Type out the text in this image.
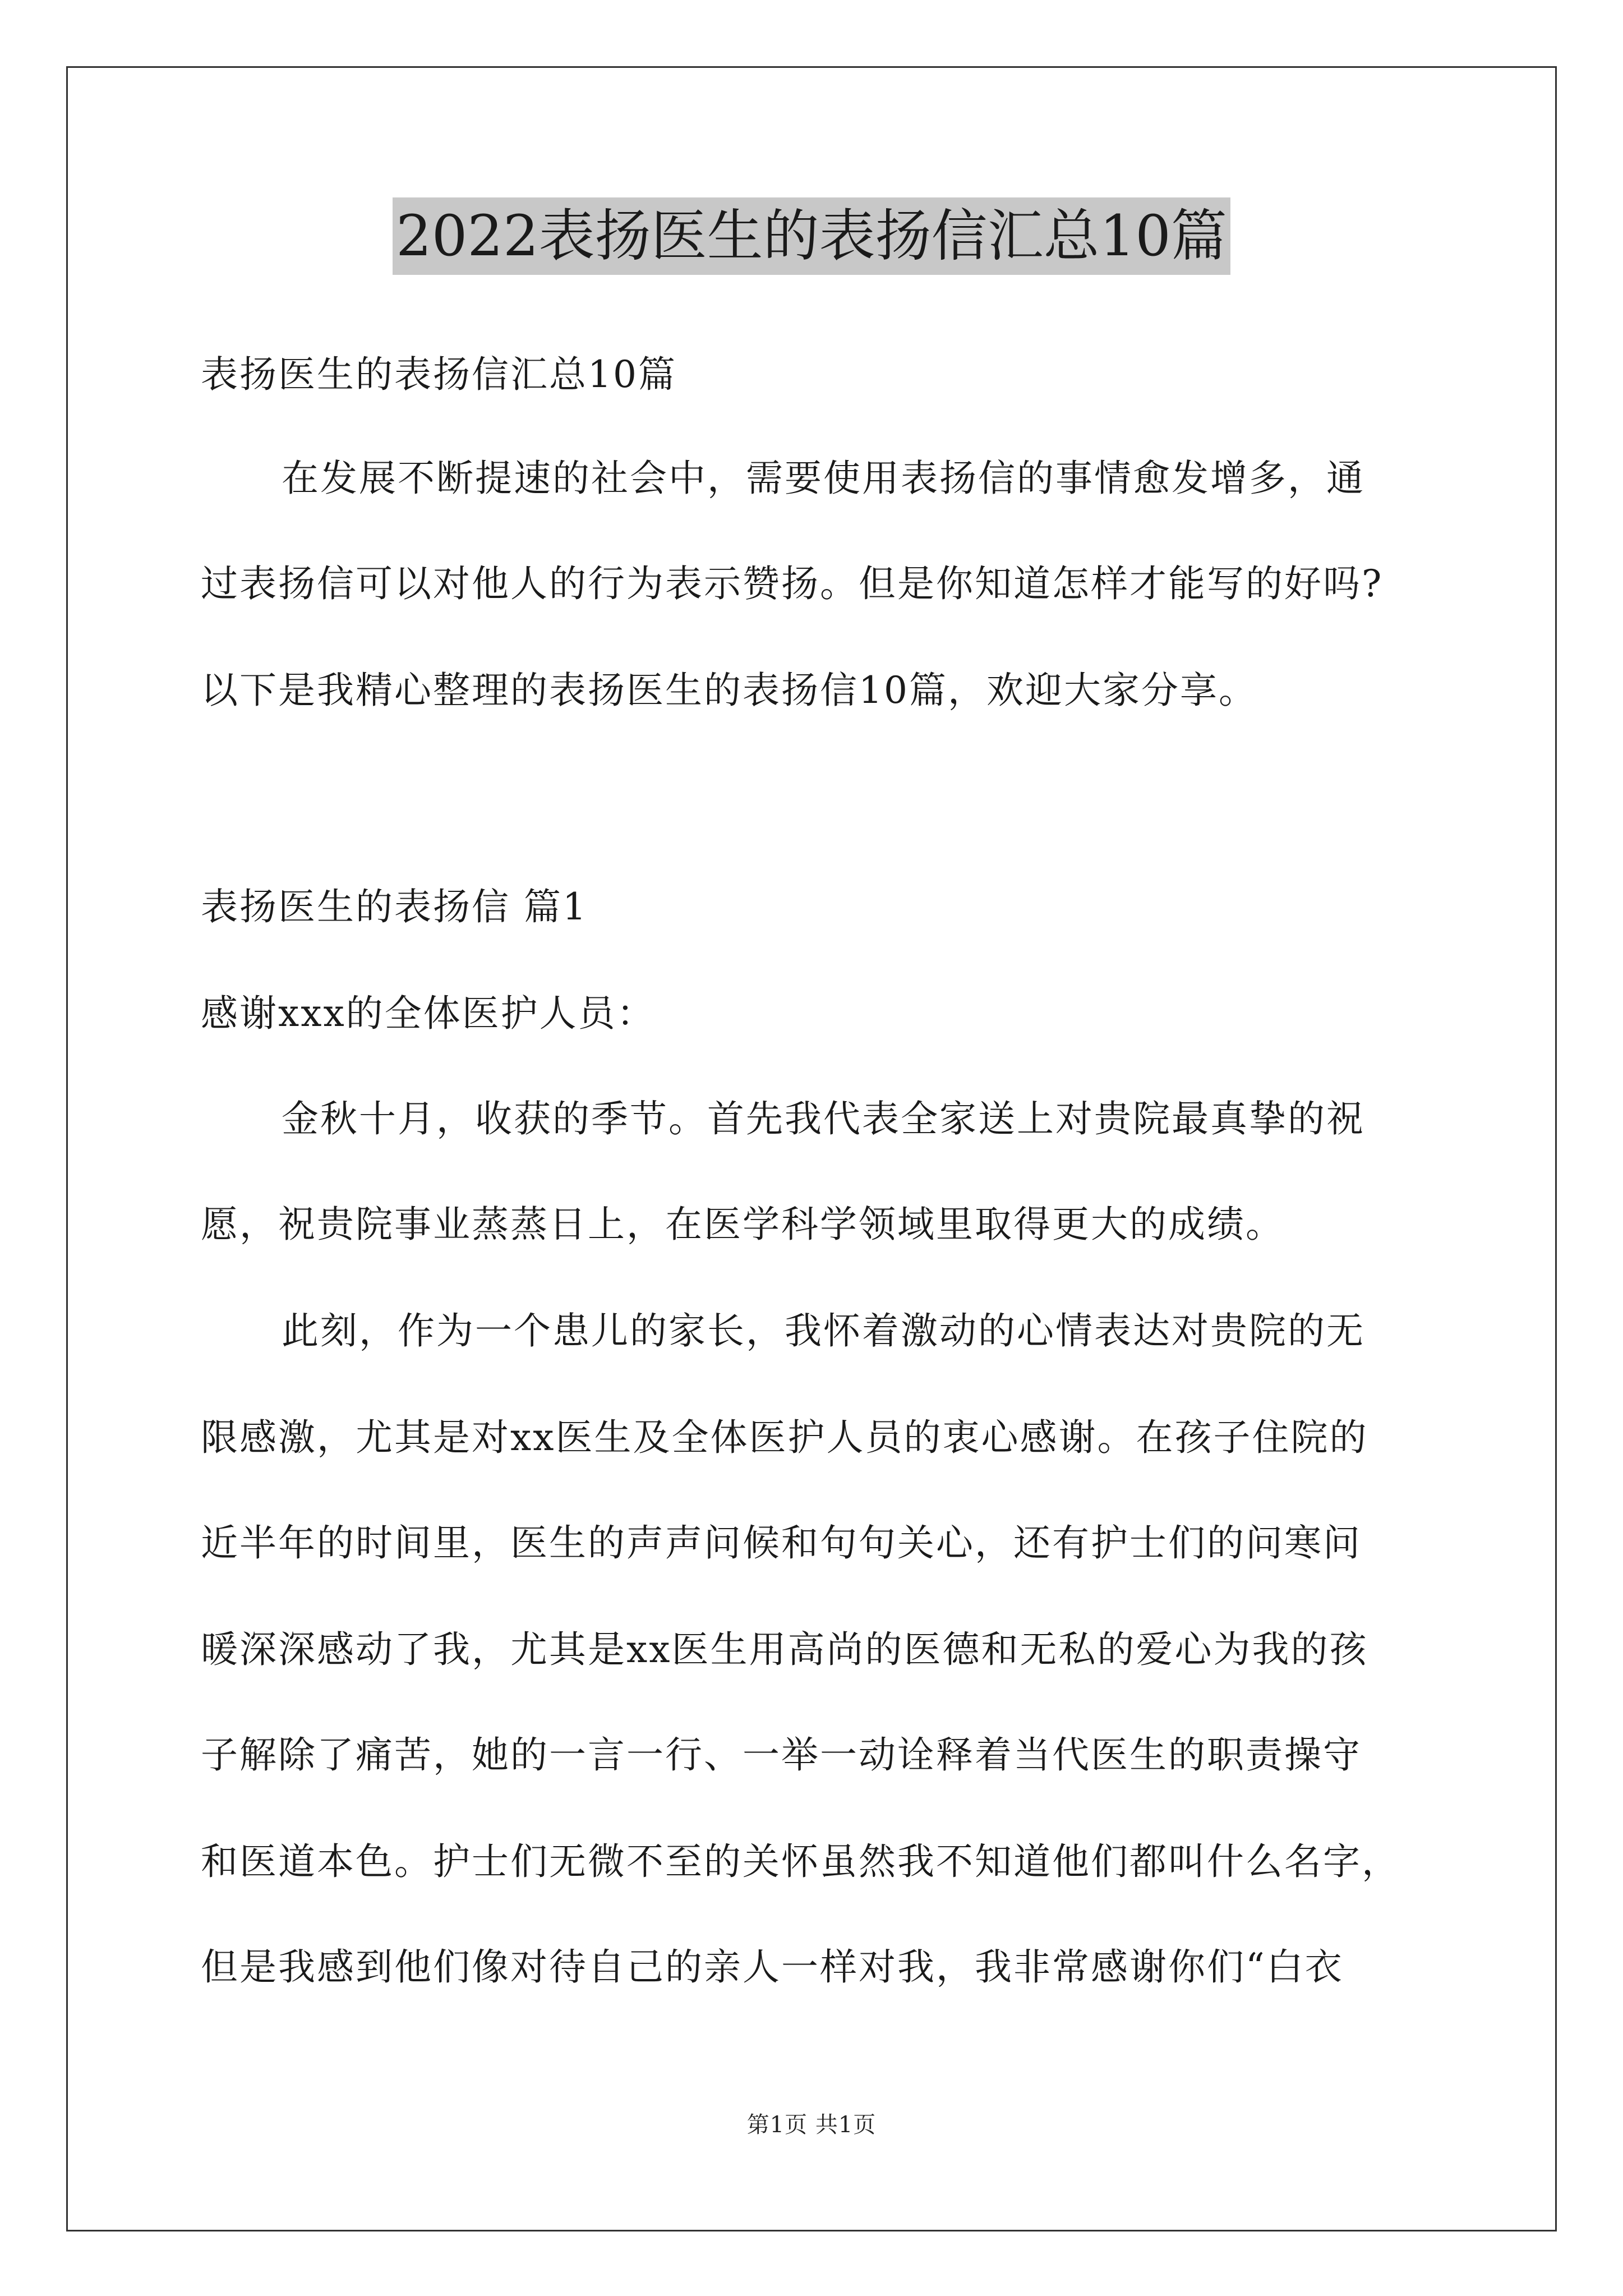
2022表扬医生的表扬信汇总10篇
表扬医生的表扬信汇总10篇
在发展不断提速的社会中，需要使用表扬信的事情愈发增多，通
过表扬信可以对他人的行为表示赞扬。但是你知道怎样才能写的好吗?
以下是我精心整理的表扬医生的表扬信10篇，欢迎大家分享。
表扬医生的表扬信 篇1
感谢xxx的全体医护人员：
金秋十月，收获的季节。首先我代表全家送上对贵院最真挚的祝
愿，祝贵院事业蒸蒸日上，在医学科学领域里取得更大的成绩。
此刻，作为一个患儿的家长，我怀着激动的心情表达对贵院的无
限感激，尤其是对xx医生及全体医护人员的衷心感谢。在孩子住院的
近半年的时间里，医生的声声问候和句句关心，还有护士们的问寒问
暖深深感动了我，尤其是xx医生用高尚的医德和无私的爱心为我的孩
子解除了痛苦，她的一言一行、一举一动诠释着当代医生的职责操守
和医道本色。护士们无微不至的关怀虽然我不知道他们都叫什么名字，
但是我感到他们像对待自己的亲人一样对我，我非常感谢你们“白衣
第1页 共1页
